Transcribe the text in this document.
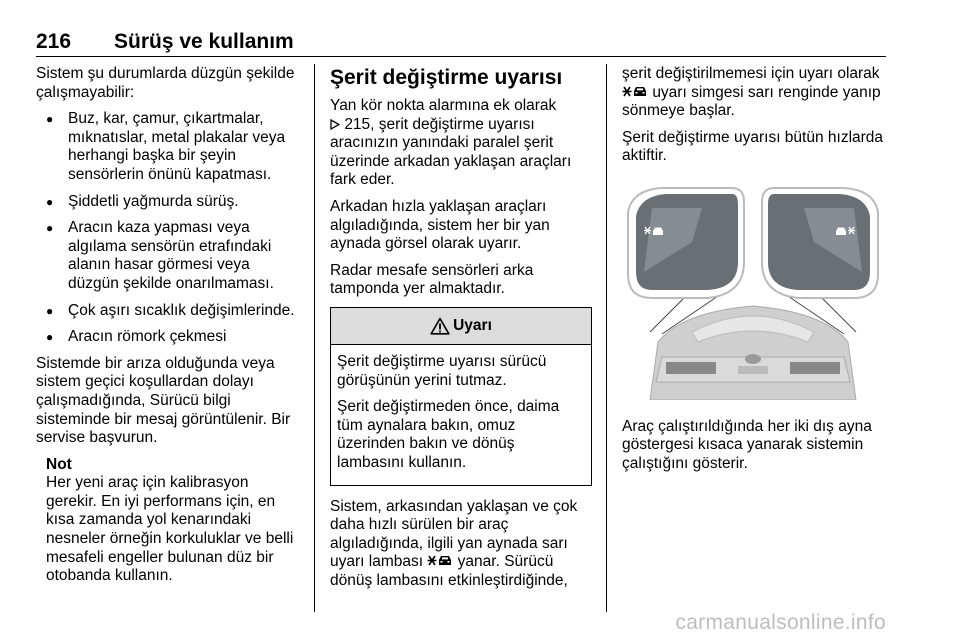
216 Sürüş ve kullanım

Sistem şu durumlarda düzgün şekilde çalışmayabilir:

● Buz, kar, çamur, çıkartmalar, mıknatıslar, metal plakalar veya herhangi başka bir şeyin sensörlerin önünü kapatması.
● Şiddetli yağmurda sürüş.
● Aracın kaza yapması veya algılama sensörün etrafındaki alanın hasar görmesi veya düzgün şekilde onarılmaması.
● Çok aşırı sıcaklık değişimlerinde.
● Aracın römork çekmesi

Sistemde bir arıza olduğunda veya sistem geçici koşullardan dolayı çalışmadığında, Sürücü bilgi sisteminde bir mesaj görüntülenir. Bir servise başvurun.

Not
Her yeni araç için kalibrasyon gerekir. En iyi performans için, en kısa zamanda yol kenarındaki nesneler örneğin korkuluklar ve belli mesafeli engeller bulunan düz bir otobanda kullanın.
Şerit değiştirme uyarısı

Yan kör nokta alarmına ek olarak
215, şerit değiştirme uyarısı aracınızın yanındaki paralel şerit üzerinde arkadan yaklaşan araçları fark eder.

Arkadan hızla yaklaşan araçları algıladığında, sistem her bir yan aynada görsel olarak uyarır.

Radar mesafe sensörleri arka tamponda yer almaktadır.

Uyarı

Şerit değiştirme uyarısı sürücü görüşünün yerini tutmaz.

Şerit değiştirmeden önce, daima tüm aynalara bakın, omuz üzerinden bakın ve dönüş lambasını kullanın.

Sistem, arkasından yaklaşan ve çok daha hızlı sürülen bir araç algıladığında, ilgili yan aynada sarı uyarı lambası yanar. Sürücü dönüş lambasını etkinleştirdiğinde,

şerit değiştirilmemesi için uyarı olarak  uyarı simgesi sarı renginde yanıp sönmeye başlar.

Şerit değiştirme uyarısı bütün hızlarda aktiftir.

Araç çalıştırıldığında her iki dış ayna göstergesi kısaca yanarak sistemin çalıştığını gösterir.

carmanualsonline.info
